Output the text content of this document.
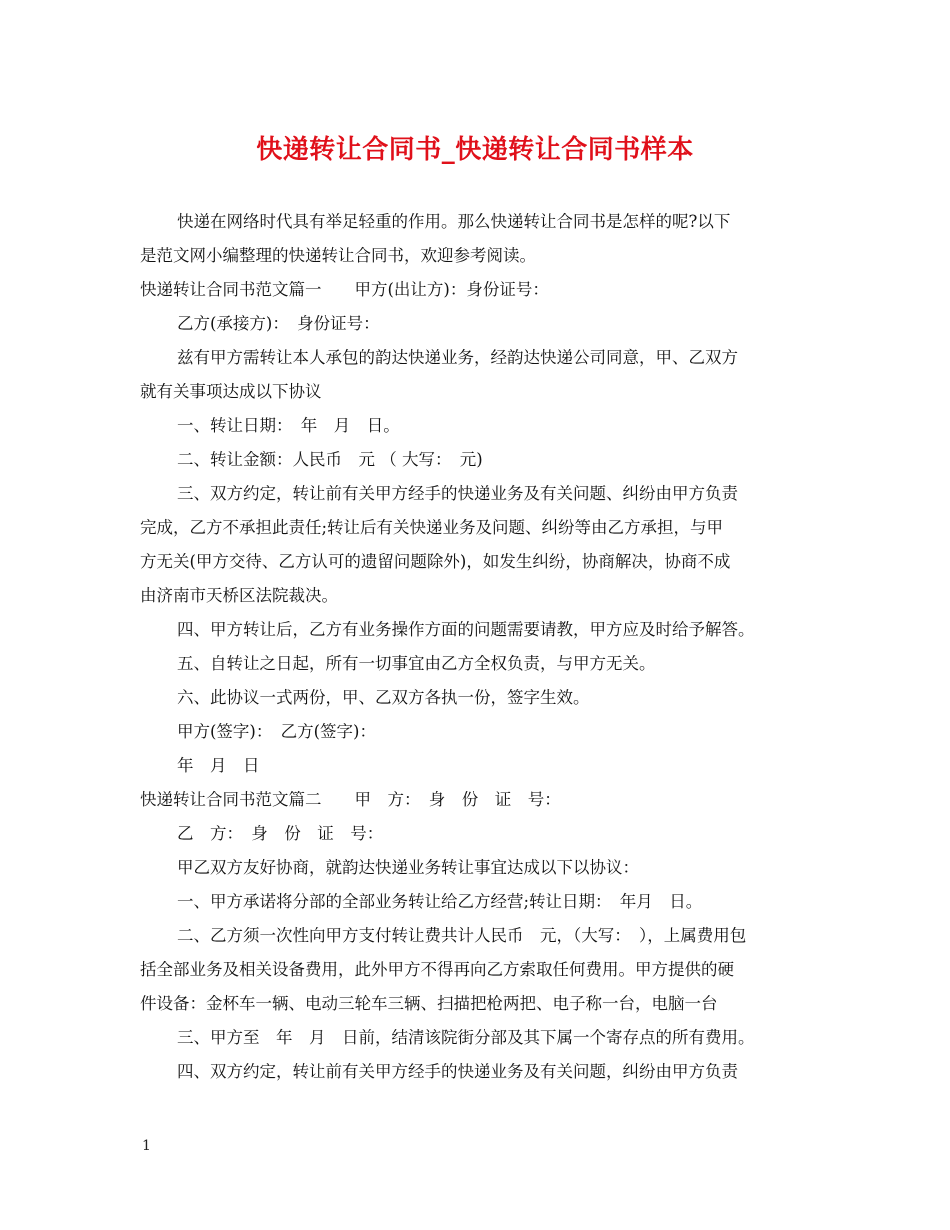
快递转让合同书_快递转让合同书样本
快递在网络时代具有举足轻重的作用。那么快递转让合同书是怎样的呢?以下
是范文网小编整理的快递转让合同书，欢迎参考阅读。
快递转让合同书范文篇一　　甲方(出让方)：身份证号：
乙方(承接方)：　身份证号：
兹有甲方需转让本人承包的韵达快递业务，经韵达快递公司同意，甲、乙双方
就有关事项达成以下协议
一、转让日期：　年　月　日。
二、转让金额：人民币　元 （ 大写：　元)
三、双方约定，转让前有关甲方经手的快递业务及有关问题、纠纷由甲方负责
完成，乙方不承担此责任;转让后有关快递业务及问题、纠纷等由乙方承担，与甲
方无关(甲方交待、乙方认可的遗留问题除外)，如发生纠纷，协商解决，协商不成
由济南市天桥区法院裁决。
四、甲方转让后，乙方有业务操作方面的问题需要请教，甲方应及时给予解答。
五、自转让之日起，所有一切事宜由乙方全权负责，与甲方无关。
六、此协议一式两份，甲、乙双方各执一份，签字生效。
甲方(签字)：　乙方(签字)：
年　月　日
快递转让合同书范文篇二　　甲　方：　身　份　证　号：
乙　方：　身　份　证　号：
甲乙双方友好协商，就韵达快递业务转让事宜达成以下以协议：
一、甲方承诺将分部的全部业务转让给乙方经营;转让日期：　年月　日。
二、乙方须一次性向甲方支付转让费共计人民币　元，（大写：　），上属费用包
括全部业务及相关设备费用，此外甲方不得再向乙方索取任何费用。甲方提供的硬
件设备：金杯车一辆、电动三轮车三辆、扫描把枪两把、电子称一台，电脑一台
三、甲方至　年　月　日前，结清该院街分部及其下属一个寄存点的所有费用。
四、双方约定，转让前有关甲方经手的快递业务及有关问题，纠纷由甲方负责
1
